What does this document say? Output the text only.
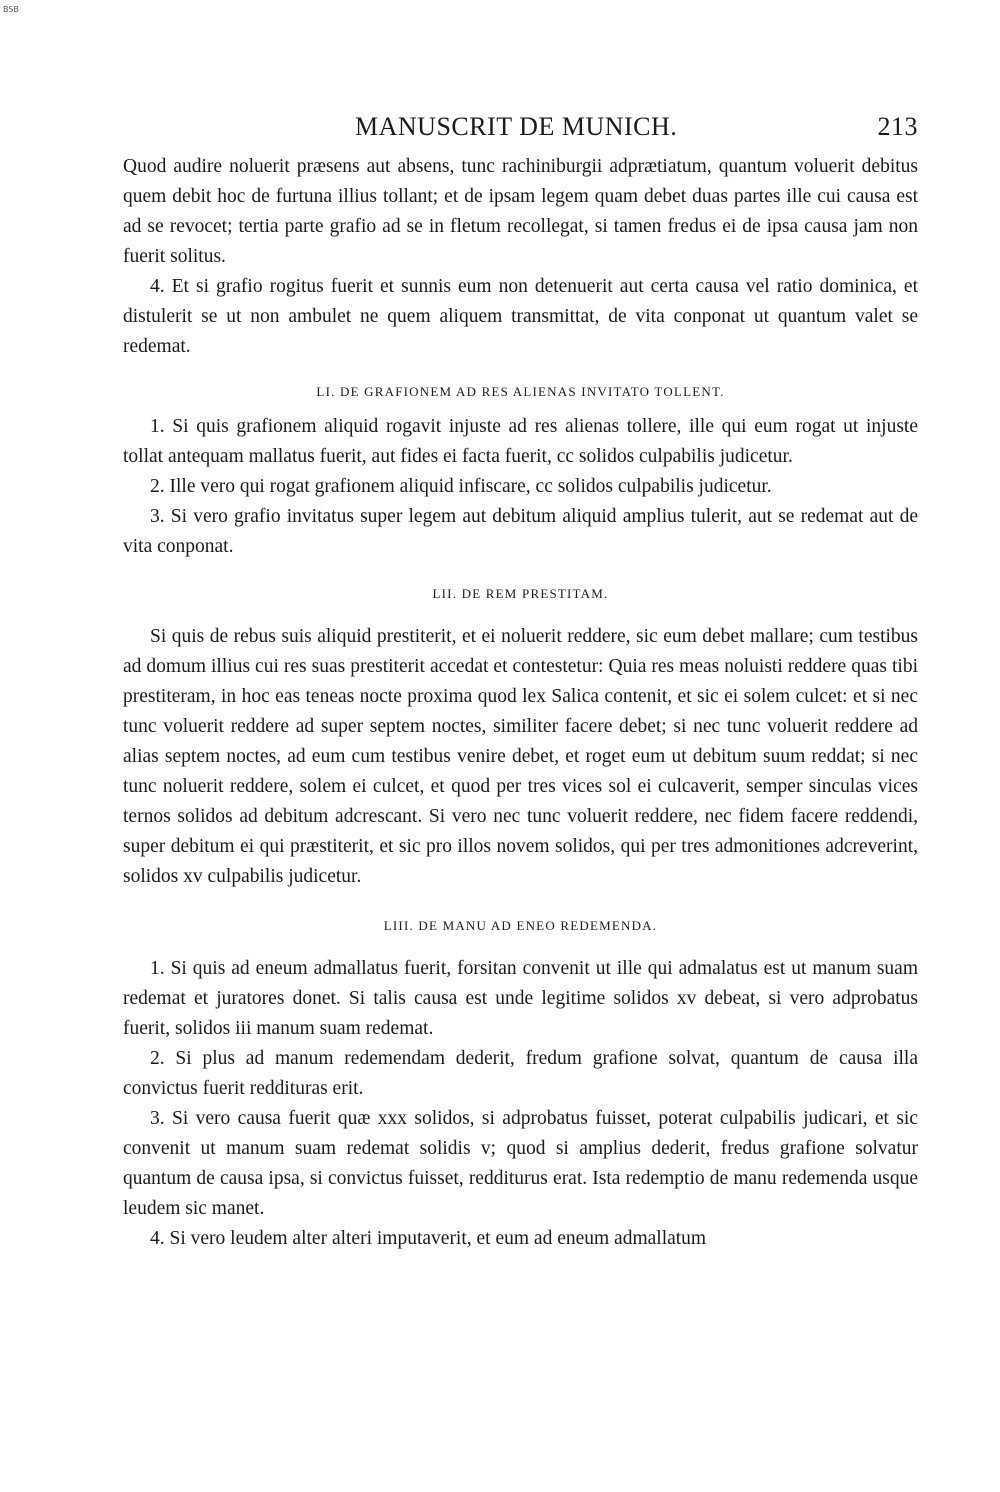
BSB
MANUSCRIT DE MUNICH.	213

Quod audire noluerit præsens aut absens, tunc rachiniburgii adprætiatum, quantum voluerit debitus quem debit hoc de furtuna illius tollant; et de ipsam legem quam debet duas partes ille cui causa est ad se revocet; tertia parte grafio ad se in fletum recollegat, si tamen fredus ei de ipsa causa jam non fuerit solitus.

4. Et si grafio rogitus fuerit et sunnis eum non detenuerit aut certa causa vel ratio dominica, et distulerit se ut non ambulet ne quem aliquem transmittat, de vita conponat ut quantum valet se redemat.

LI. DE GRAFIONEM AD RES ALIENAS INVITATO TOLLENT.

1. Si quis grafionem aliquid rogavit injuste ad res alienas tollere, ille qui eum rogat ut injuste tollat antequam mallatus fuerit, aut fides ei facta fuerit, cc solidos culpabilis judicetur.

2. Ille vero qui rogat grafionem aliquid infiscare, cc solidos culpabilis judicetur.

3. Si vero grafio invitatus super legem aut debitum aliquid amplius tulerit, aut se redemat aut de vita conponat.

LII. DE REM PRESTITAM.

Si quis de rebus suis aliquid prestiterit, et ei noluerit reddere, sic eum debet mallare; cum testibus ad domum illius cui res suas prestiterit accedat et contestetur: Quia res meas noluisti reddere quas tibi prestiteram, in hoc eas teneas nocte proxima quod lex Salica contenit, et sic ei solem culcet: et si nec tunc voluerit reddere ad super septem noctes, similiter facere debet; si nec tunc voluerit reddere ad alias septem noctes, ad eum cum testibus venire debet, et roget eum ut debitum suum reddat; si nec tunc noluerit reddere, solem ei culcet, et quod per tres vices sol ei culcaverit, semper sinculas vices ternos solidos ad debitum adcrescant. Si vero nec tunc voluerit reddere, nec fidem facere reddendi, super debitum ei qui præstiterit, et sic pro illos novem solidos, qui per tres admonitiones adcreverint, solidos xv culpabilis judicetur.

LIII. DE MANU AD ENEO REDEMENDA.

1. Si quis ad eneum admallatus fuerit, forsitan convenit ut ille qui admalatus est ut manum suam redemat et juratores donet. Si talis causa est unde legitime solidos xv debeat, si vero adprobatus fuerit, solidos iii manum suam redemat.

2. Si plus ad manum redemendam dederit, fredum grafione solvat, quantum de causa illa convictus fuerit reddituras erit.

3. Si vero causa fuerit quæ xxx solidos, si adprobatus fuisset, poterat culpabilis judicari, et sic convenit ut manum suam redemat solidis v; quod si amplius dederit, fredus grafione solvatur quantum de causa ipsa, si convictus fuisset, redditurus erat. Ista redemptio de manu redemenda usque leudem sic manet.

4. Si vero leudem alter alteri imputaverit, et eum ad eneum admallatum
